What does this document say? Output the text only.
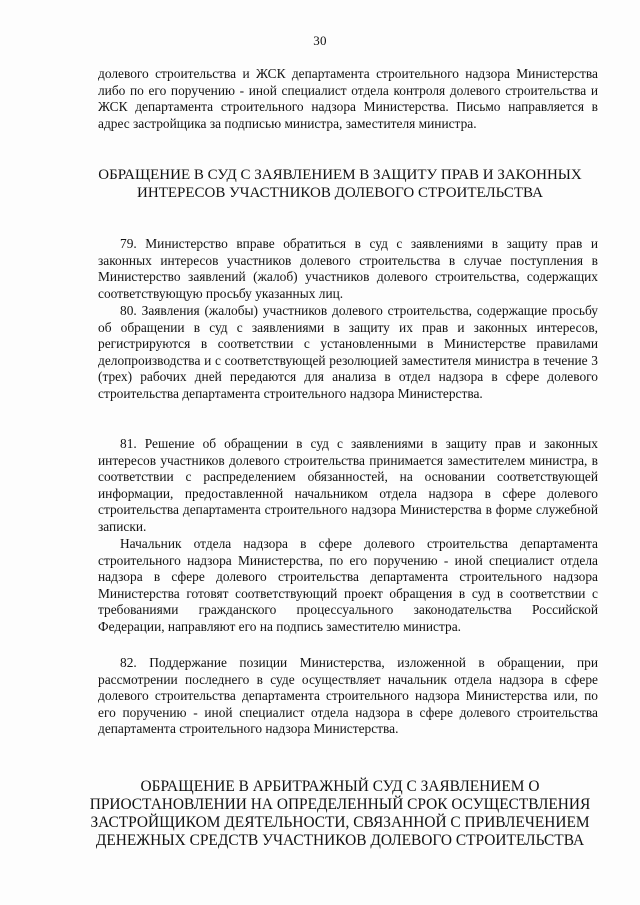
30
долевого строительства и ЖСК департамента строительного надзора Министерства либо по его поручению - иной специалист отдела контроля долевого строительства и ЖСК департамента строительного надзора Министерства. Письмо направляется в адрес застройщика за подписью министра, заместителя министра.
ОБРАЩЕНИЕ В СУД С ЗАЯВЛЕНИЕМ В ЗАЩИТУ ПРАВ И ЗАКОННЫХ ИНТЕРЕСОВ УЧАСТНИКОВ ДОЛЕВОГО СТРОИТЕЛЬСТВА
79. Министерство вправе обратиться в суд с заявлениями в защиту прав и законных интересов участников долевого строительства в случае поступления в Министерство заявлений (жалоб) участников долевого строительства, содержащих соответствующую просьбу указанных лиц.
80. Заявления (жалобы) участников долевого строительства, содержащие просьбу об обращении в суд с заявлениями в защиту их прав и законных интересов, регистрируются в соответствии с установленными в Министерстве правилами делопроизводства и с соответствующей резолюцией заместителя министра в течение 3 (трех) рабочих дней передаются для анализа в отдел надзора в сфере долевого строительства департамента строительного надзора Министерства.
81. Решение об обращении в суд с заявлениями в защиту прав и законных интересов участников долевого строительства принимается заместителем министра, в соответствии с распределением обязанностей, на основании соответствующей информации, предоставленной начальником отдела надзора в сфере долевого строительства департамента строительного надзора Министерства в форме служебной записки.
Начальник отдела надзора в сфере долевого строительства департамента строительного надзора Министерства, по его поручению - иной специалист отдела надзора в сфере долевого строительства департамента строительного надзора Министерства готовят соответствующий проект обращения в суд в соответствии с требованиями гражданского процессуального законодательства Российской Федерации, направляют его на подпись заместителю министра.
82. Поддержание позиции Министерства, изложенной в обращении, при рассмотрении последнего в суде осуществляет начальник отдела надзора в сфере долевого строительства департамента строительного надзора Министерства или, по его поручению - иной специалист отдела надзора в сфере долевого строительства департамента строительного надзора Министерства.
ОБРАЩЕНИЕ В АРБИТРАЖНЫЙ СУД С ЗАЯВЛЕНИЕМ О ПРИОСТАНОВЛЕНИИ НА ОПРЕДЕЛЕННЫЙ СРОК ОСУЩЕСТВЛЕНИЯ ЗАСТРОЙЩИКОМ ДЕЯТЕЛЬНОСТИ, СВЯЗАННОЙ С ПРИВЛЕЧЕНИЕМ ДЕНЕЖНЫХ СРЕДСТВ УЧАСТНИКОВ ДОЛЕВОГО СТРОИТЕЛЬСТВА
